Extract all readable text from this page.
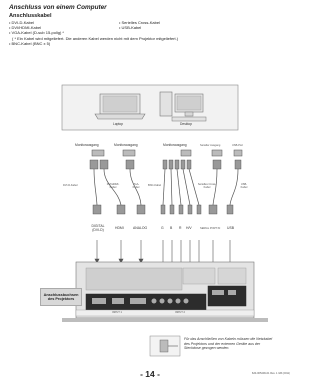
Anschluss von einem Computer
Anschlusskabel
• DVI-D-Kabel	• Serielles Cross-Kabel
• DVI/HDMI-Kabel	• USB-Kabel
• VGA-Kabel (D-sub 15-polig) *
( * Ein Kabel wird mitgeliefert. Die anderen Kabel werden nicht mit dem Projektor mitgeliefert.)
• BNC-Kabel (BNC x 5)
Laptop	Desktop
Monitorausgang	Monitorausgang	Monitorausgang	Serieller Ausgang	USB-Port
DVI-D-Kabel	DVI/HDMI-Kabel
VGA-Kabel
BNC-Kabel	Serielles Cross-Kabel
USB-Kabel
DIGITAL (DVI-D)	HDMI	ANALOG	G B R H/V	SERIAL PORT IN USB
INPUT 1	INPUT 2
Anschlussbuchsen des Projektors
Für das Anschließen von Kabeln müssen die Netzkabel des Projektors und der externen Geräte aus der Steckdose gezogen werden.
- 14 -	620-005409-01 Rev. 1 GB (2011)
